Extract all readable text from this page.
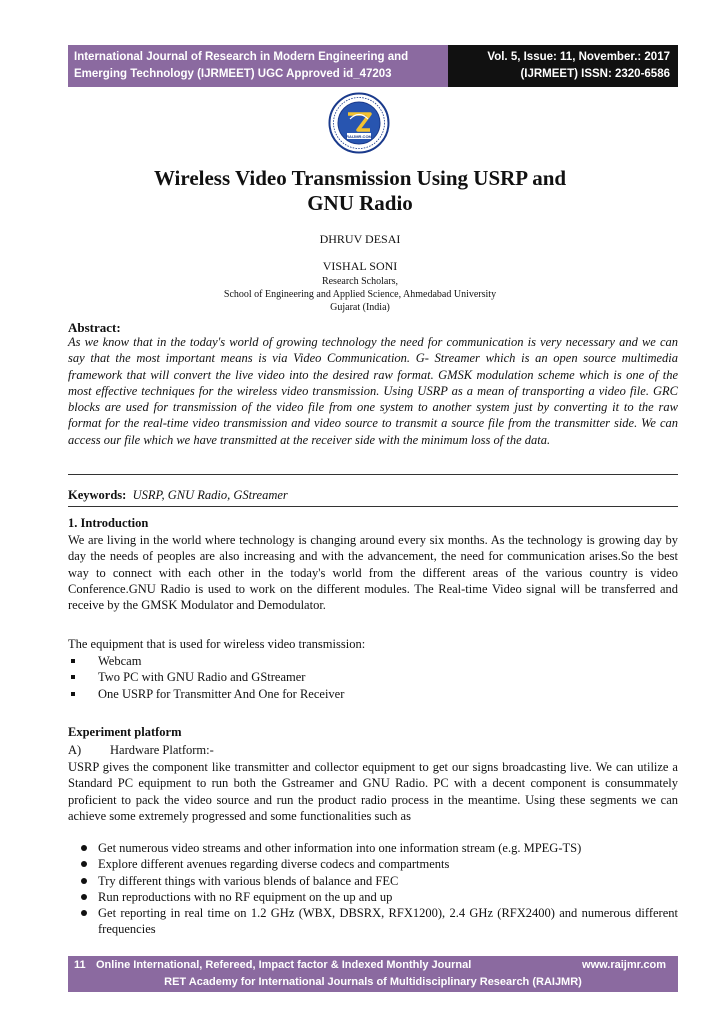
International Journal of Research in Modern Engineering and
Emerging Technology (IJRMEET) UGC Approved id_47203
Vol. 5, Issue: 11, November.: 2017
(IJRMEET) ISSN: 2320-6586
RAIJMR.COM
Wireless Video Transmission Using USRP and
GNU Radio
DHRUV DESAI
VISHAL SONI
Research Scholars,
School of Engineering and Applied Science, Ahmedabad University
Gujarat (India)
Abstract:

As we know that in the today's world of growing technology the need for communication is very necessary and we can say that the most important means is via Video Communication. G- Streamer which is an open source multimedia framework that will convert the live video into the desired raw format. GMSK modulation scheme which is one of the most effective techniques for the wireless video transmission. Using USRP as a mean of transporting a video file. GRC blocks are used for transmission of the video file from one system to another system just by converting it to the raw format for the real-time video transmission and video source to transmit a source file from the transmitter side. We can access our file which we have transmitted at the receiver side with the minimum loss of the data.

Keywords: USRP, GNU Radio, GStreamer
1. Introduction

We are living in the world where technology is changing around every six months. As the technology is growing day by day the needs of peoples are also increasing and with the advancement, the need for communication arises.So the best way to connect with each other in the today's world from the different areas of the various country is video Conference.GNU Radio is used to work on the different modules. The Real-time Video signal will be transferred and receive by the GMSK Modulator and Demodulator.

The equipment that is used for wireless video transmission:

Webcam
Two PC with GNU Radio and GStreamer
One USRP for Transmitter And One for Receiver
Experiment platform
A) Hardware Platform:-

USRP gives the component like transmitter and collector equipment to get our signs broadcasting live. We can utilize a Standard PC equipment to run both the Gstreamer and GNU Radio. PC with a decent component is consummately proficient to pack the video source and run the product radio process in the meantime. Using these segments we can achieve some extremely progressed and some functionalities such as

Get numerous video streams and other information into one information stream (e.g. MPEG-TS)
Explore different avenues regarding diverse codecs and compartments
Try different things with various blends of balance and FEC
Run reproductions with no RF equipment on the up and up
Get reporting in real time on 1.2 GHz (WBX, DBSRX, RFX1200), 2.4 GHz (RFX2400) and numerous different frequencies
11 Online International, Refereed, Impact factor & Indexed Monthly Journal	www.raijmr.com
RET Academy for International Journals of Multidisciplinary Research (RAIJMR)
